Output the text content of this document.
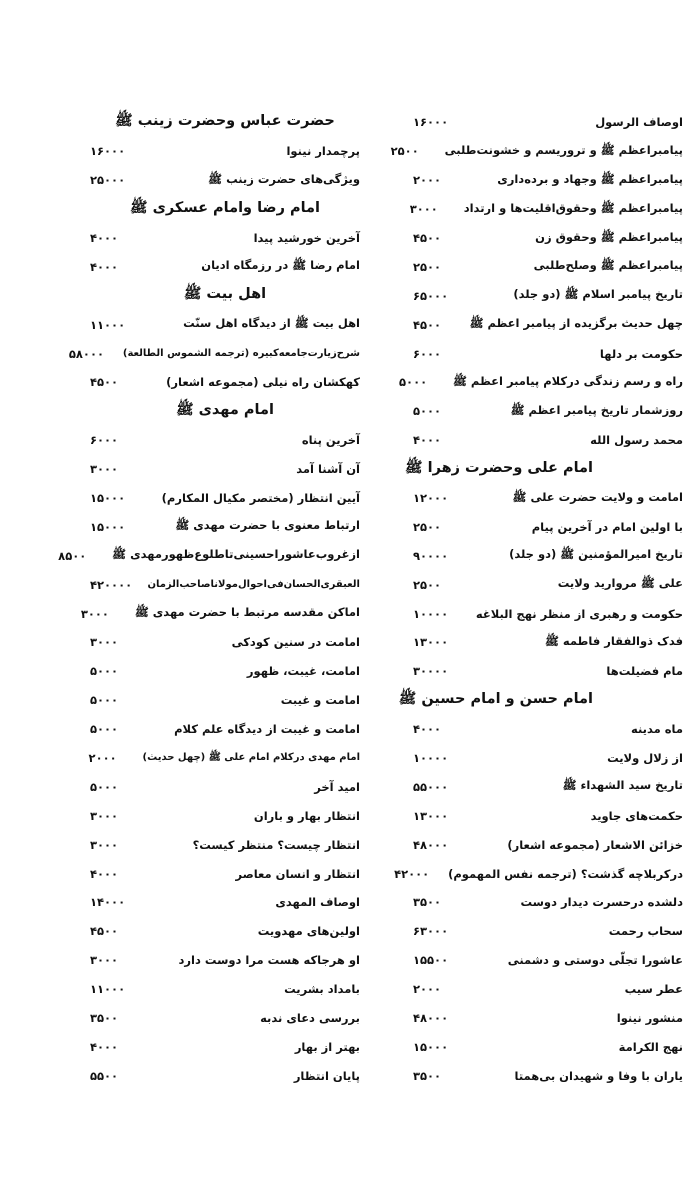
اوصاف الرسول
۱۶۰۰۰
پیامبراعظم ﷺ و تروریسم و خشونت‌طلبی
۲۵۰۰
پیامبراعظم ﷺ وجهاد و برده‌داری
۲۰۰۰
پیامبراعظم ﷺ وحقوق‌اقلیت‌ها و ارتداد
۳۰۰۰
پیامبراعظم ﷺ وحقوق زن
۴۵۰۰
پیامبراعظم ﷺ وصلح‌طلبی
۲۵۰۰
تاریخ پیامبر اسلام ﷺ (دو جلد)
۶۵۰۰۰
چهل حدیث برگزیده از پیامبر اعظم ﷺ
۴۵۰۰
حکومت بر دلها
۶۰۰۰
راه و رسم زندگی درکلام پیامبر اعظم ﷺ
۵۰۰۰
روزشمار تاریخ پیامبر اعظم ﷺ
۵۰۰۰
محمد رسول الله
۴۰۰۰
امام علی وحضرت زهرا ﷺ
امامت و ولایت حضرت علی ﷺ
۱۲۰۰۰
با اولین امام در آخرین پیام
۲۵۰۰
تاریخ امیرالمؤمنین ﷺ (دو جلد)
۹۰۰۰۰
علی ﷺ مروارید ولایت
۲۵۰۰
حکومت و رهبری از منظر نهج البلاغه
۱۰۰۰۰
فدک ذوالفقار فاطمه ﷺ
۱۳۰۰۰
مام فضیلت‌ها
۳۰۰۰۰
امام حسن و امام حسین ﷺ
ماه مدینه
۴۰۰۰
از زلال ولایت
۱۰۰۰۰
تاریخ سید الشهداء ﷺ
۵۵۰۰۰
حکمت‌های جاوید
۱۳۰۰۰
خزائن الاشعار (مجموعه اشعار)
۴۸۰۰۰
درکربلاچه گذشت؟ (ترجمه نفس المهموم)
۴۲۰۰۰
دلشده درحسرت دیدار دوست
۳۵۰۰
سحاب رحمت
۶۳۰۰۰
عاشورا تجلّی دوستی و دشمنی
۱۵۵۰۰
عطر سیب
۲۰۰۰
منشور نینوا
۴۸۰۰۰
نهج الکرامة
۱۵۰۰۰
یاران با وفا و شهیدان بی‌همتا
۳۵۰۰
حضرت عباس وحضرت زینب ﷺ
پرچمدار نینوا
۱۶۰۰۰
ویژگی‌های حضرت زینب ﷺ
۲۵۰۰۰
امام رضا وامام عسکری ﷺ
آخرین خورشید پیدا
۴۰۰۰
امام رضا ﷺ در رزمگاه ادیان
۴۰۰۰
اهل بیت ﷺ
اهل بیت ﷺ از دیدگاه اهل سنّت
۱۱۰۰۰
شرح‌زیارت‌جامعه‌کبیره (ترجمه الشموس الطالعة)
۵۸۰۰۰
کهکشان راه نیلی (مجموعه اشعار)
۴۵۰۰
امام مهدی ﷺ
آخرین پناه
۶۰۰۰
آن آشنا آمد
۳۰۰۰
آیین انتظار (مختصر مکیال المکارم)
۱۵۰۰۰
ارتباط معنوی با حضرت مهدی ﷺ
۱۵۰۰۰
ازغروب‌عاشوراحسینی‌تاطلوع‌ظهورمهدی ﷺ
۸۵۰۰
العبقری‌الحسان‌فی‌احوال‌مولاناصاحب‌الزمان
۴۲۰۰۰۰
اماکن مقدسه مرتبط با حضرت مهدی ﷺ
۳۰۰۰
امامت در سنین کودکی
۳۰۰۰
امامت، غیبت، ظهور
۵۰۰۰
امامت و غیبت
۵۰۰۰
امامت و غیبت از دیدگاه علم کلام
۵۰۰۰
امام مهدی درکلام امام علی ﷺ (چهل حدیث)
۲۰۰۰
امید آخر
۵۰۰۰
انتظار بهار و باران
۳۰۰۰
انتظار چیست؟ منتظر کیست؟
۳۰۰۰
انتظار و انسان معاصر
۴۰۰۰
اوصاف المهدی
۱۴۰۰۰
اولین‌های مهدویت
۴۵۰۰
او هرجاکه هست مرا دوست دارد
۳۰۰۰
بامداد بشریت
۱۱۰۰۰
بررسی دعای ندبه
۳۵۰۰
بهتر از بهار
۴۰۰۰
پایان انتظار
۵۵۰۰
